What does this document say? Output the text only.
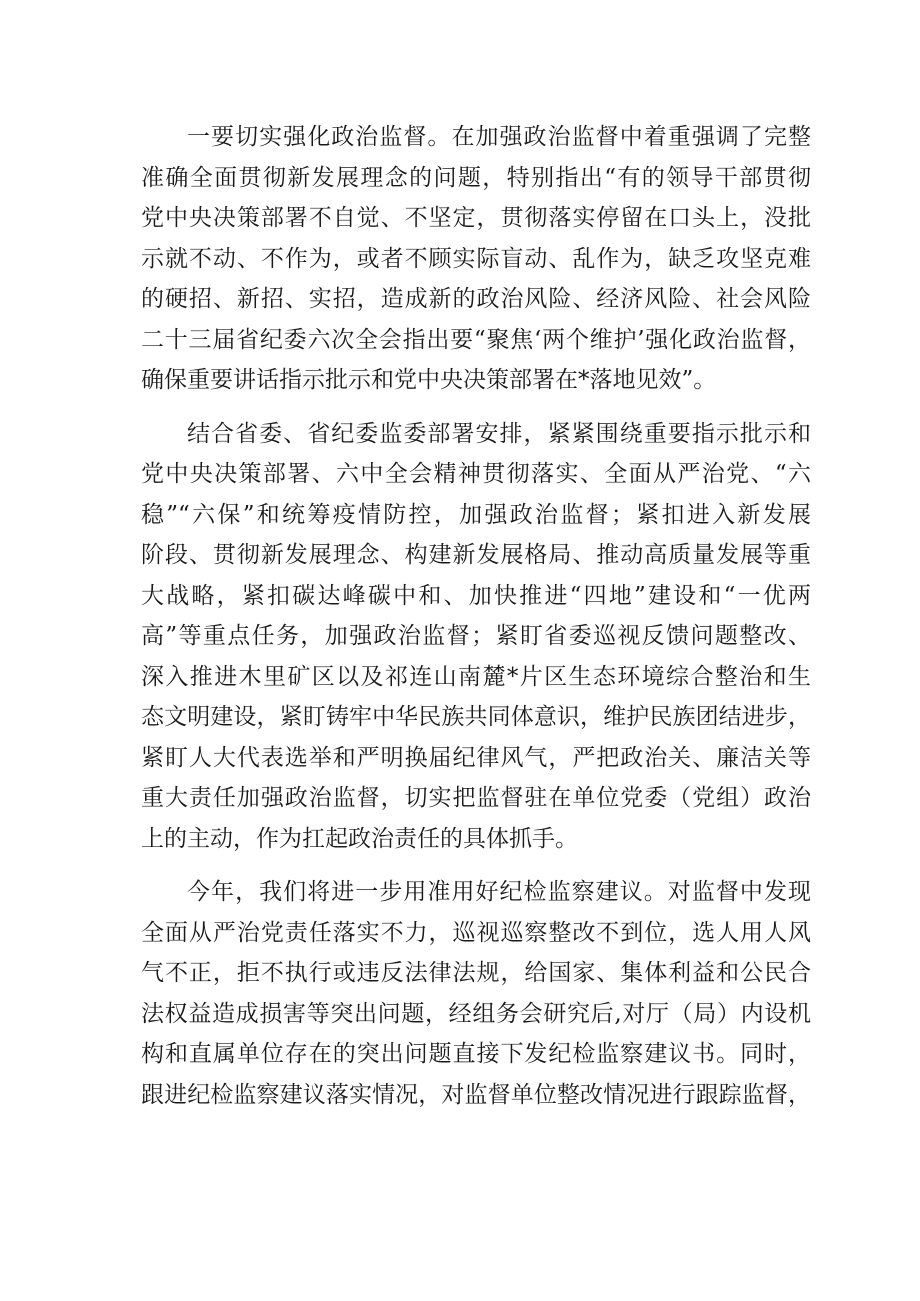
一要切实强化政治监督。在加强政治监督中着重强调了完整
准确全面贯彻新发展理念的问题，特别指出“有的领导干部贯彻
党中央决策部署不自觉、不坚定，贯彻落实停留在口头上，没批
示就不动、不作为，或者不顾实际盲动、乱作为，缺乏攻坚克难
的硬招、新招、实招，造成新的政治风险、经济风险、社会风险
二十三届省纪委六次全会指出要“聚焦‘两个维护’强化政治监督，
确保重要讲话指示批示和党中央决策部署在*落地见效”。
结合省委、省纪委监委部署安排，紧紧围绕重要指示批示和
党中央决策部署、六中全会精神贯彻落实、全面从严治党、“六
稳”“六保”和统筹疫情防控，加强政治监督；紧扣进入新发展
阶段、贯彻新发展理念、构建新发展格局、推动高质量发展等重
大战略，紧扣碳达峰碳中和、加快推进“四地”建设和“一优两
高”等重点任务，加强政治监督；紧盯省委巡视反馈问题整改、
深入推进木里矿区以及祁连山南麓*片区生态环境综合整治和生
态文明建设，紧盯铸牢中华民族共同体意识，维护民族团结进步，
紧盯人大代表选举和严明换届纪律风气，严把政治关、廉洁关等
重大责任加强政治监督，切实把监督驻在单位党委（党组）政治
上的主动，作为扛起政治责任的具体抓手。
今年，我们将进一步用准用好纪检监察建议。对监督中发现
全面从严治党责任落实不力，巡视巡察整改不到位，选人用人风
气不正，拒不执行或违反法律法规，给国家、集体利益和公民合
法权益造成损害等突出问题，经组务会研究后,对厅（局）内设机
构和直属单位存在的突出问题直接下发纪检监察建议书。同时，
跟进纪检监察建议落实情况，对监督单位整改情况进行跟踪监督，
